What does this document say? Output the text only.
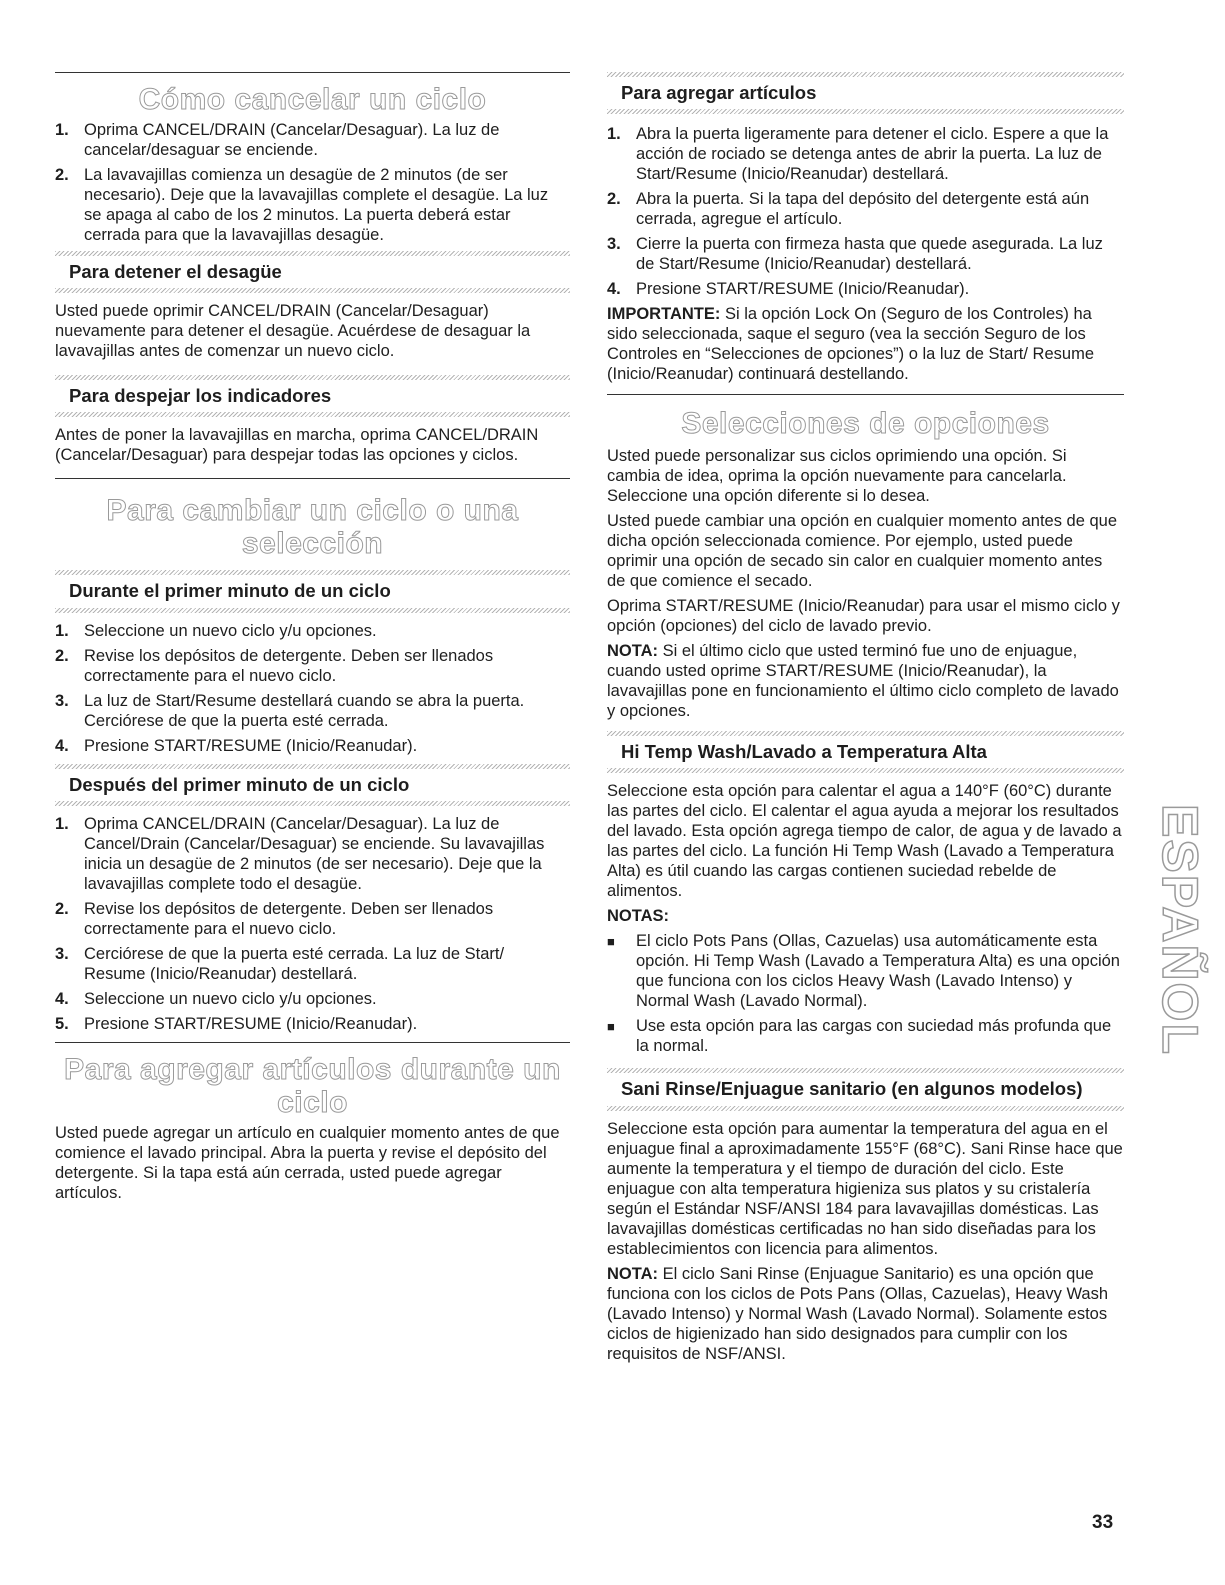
Cómo cancelar un ciclo
1. Oprima CANCEL/DRAIN (Cancelar/Desaguar). La luz de cancelar/desaguar se enciende.
2. La lavavajillas comienza un desagüe de 2 minutos (de ser necesario). Deje que la lavavajillas complete el desagüe. La luz se apaga al cabo de los 2 minutos. La puerta deberá estar cerrada para que la lavavajillas desagüe.
Para detener el desagüe

Usted puede oprimir CANCEL/DRAIN (Cancelar/Desaguar) nuevamente para detener el desagüe. Acuérdese de desaguar la lavavajillas antes de comenzar un nuevo ciclo.

Para despejar los indicadores

Antes de poner la lavavajillas en marcha, oprima CANCEL/DRAIN (Cancelar/Desaguar) para despejar todas las opciones y ciclos.

Para cambiar un ciclo o una selección
Durante el primer minuto de un ciclo
1. Seleccione un nuevo ciclo y/u opciones.
2. Revise los depósitos de detergente. Deben ser llenados correctamente para el nuevo ciclo.
3. La luz de Start/Resume destellará cuando se abra la puerta. Cerciórese de que la puerta esté cerrada.
4. Presione START/RESUME (Inicio/Reanudar).
Después del primer minuto de un ciclo
1. Oprima CANCEL/DRAIN (Cancelar/Desaguar). La luz de Cancel/Drain (Cancelar/Desaguar) se enciende. Su lavavajillas inicia un desagüe de 2 minutos (de ser necesario). Deje que la lavavajillas complete todo el desagüe.
2. Revise los depósitos de detergente. Deben ser llenados correctamente para el nuevo ciclo.
3. Cerciórese de que la puerta esté cerrada. La luz de Start/ Resume (Inicio/Reanudar) destellará.
4. Seleccione un nuevo ciclo y/u opciones.
5. Presione START/RESUME (Inicio/Reanudar).
Para agregar artículos durante un ciclo

Usted puede agregar un artículo en cualquier momento antes de que comience el lavado principal. Abra la puerta y revise el depósito del detergente. Si la tapa está aún cerrada, usted puede agregar artículos.

Para agregar artículos
1. Abra la puerta ligeramente para detener el ciclo. Espere a que la acción de rociado se detenga antes de abrir la puerta. La luz de Start/Resume (Inicio/Reanudar) destellará.
2. Abra la puerta. Si la tapa del depósito del detergente está aún cerrada, agregue el artículo.
3. Cierre la puerta con firmeza hasta que quede asegurada. La luz de Start/Resume (Inicio/Reanudar) destellará.
4. Presione START/RESUME (Inicio/Reanudar).

IMPORTANTE: Si la opción Lock On (Seguro de los Controles) ha sido seleccionada, saque el seguro (vea la sección Seguro de los Controles en “Selecciones de opciones”) o la luz de Start/ Resume (Inicio/Reanudar) continuará destellando.

Selecciones de opciones

Usted puede personalizar sus ciclos oprimiendo una opción. Si cambia de idea, oprima la opción nuevamente para cancelarla. Seleccione una opción diferente si lo desea.

Usted puede cambiar una opción en cualquier momento antes de que dicha opción seleccionada comience. Por ejemplo, usted puede oprimir una opción de secado sin calor en cualquier momento antes de que comience el secado.

Oprima START/RESUME (Inicio/Reanudar) para usar el mismo ciclo y opción (opciones) del ciclo de lavado previo.

NOTA: Si el último ciclo que usted terminó fue uno de enjuague, cuando usted oprime START/RESUME (Inicio/Reanudar), la lavavajillas pone en funcionamiento el último ciclo completo de lavado y opciones.

Hi Temp Wash/Lavado a Temperatura Alta

Seleccione esta opción para calentar el agua a 140°F (60°C) durante las partes del ciclo. El calentar el agua ayuda a mejorar los resultados del lavado. Esta opción agrega tiempo de calor, de agua y de lavado a las partes del ciclo. La función Hi Temp Wash (Lavado a Temperatura Alta) es útil cuando las cargas contienen suciedad rebelde de alimentos.

NOTAS:

■	El ciclo Pots Pans (Ollas, Cazuelas) usa automáticamente esta opción. Hi Temp Wash (Lavado a Temperatura Alta) es una opción que funciona con los ciclos Heavy Wash (Lavado Intenso) y Normal Wash (Lavado Normal).
■	Use esta opción para las cargas con suciedad más profunda que la normal.
Sani Rinse/Enjuague sanitario (en algunos modelos)

Seleccione esta opción para aumentar la temperatura del agua en el enjuague final a aproximadamente 155°F (68°C). Sani Rinse hace que aumente la temperatura y el tiempo de duración del ciclo. Este enjuague con alta temperatura higieniza sus platos y su cristalería según el Estándar NSF/ANSI 184 para lavavajillas domésticas. Las lavavajillas domésticas certificadas no han sido diseñadas para los establecimientos con licencia para alimentos.

NOTA: El ciclo Sani Rinse (Enjuague Sanitario) es una opción que funciona con los ciclos de Pots Pans (Ollas, Cazuelas), Heavy Wash (Lavado Intenso) y Normal Wash (Lavado Normal). Solamente estos ciclos de higienizado han sido designados para cumplir con los requisitos de NSF/ANSI.

ESPAÑOL
33
